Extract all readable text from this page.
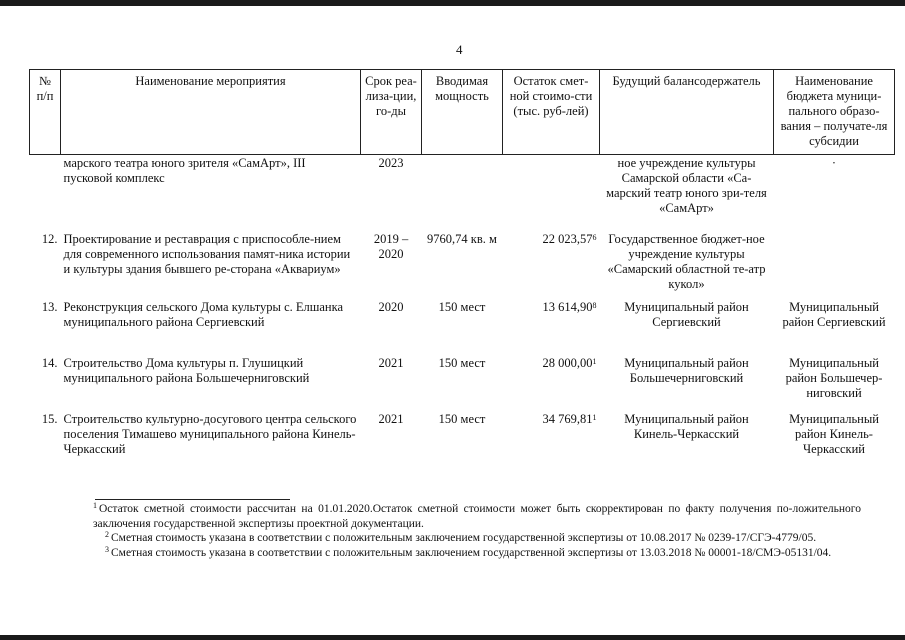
4
№ п/п	Наименование мероприятия	Срок реа-лиза-ции, го-ды	Вводимая мощность	Остаток смет-ной стоимо-сти (тыс. руб-лей)	Будущий балансодержатель	Наименование бюджета муници-пального образо-вания – получате-ля субсидии
	марского театра юного зрителя «СамАрт», III пусковой комплекс	2023			ное учреждение культуры Самарской области «Са-марский театр юного зри-теля «СамАрт»	·
12.	Проектирование и реставрация с приспособле-нием для современного использования памят-ника истории и культуры здания бывшего ре-сторана «Аквариум»	2019 – 2020	9760,74 кв. м	22 023,57$^6$	Государственное бюджет-ное учреждение культуры «Самарский областной те-атр кукол»	
13.	Реконструкция сельского Дома культуры с. Елшанка муниципального района Сергиевский	2020	150 мест	13 614,90$^8$	Муниципальный район Сергиевский	Муниципальный район Сергиевский
14.	Строительство Дома культуры п. Глушицкий муниципального района Большечерниговский	2021	150 мест	28 000,00$^1$	Муниципальный район Большечерниговский	Муниципальный район Большечер-ниговский
15.	Строительство культурно-досугового центра сельского поселения Тимашево муниципального района Кинель-Черкасский	2021	150 мест	34 769,81$^1$	Муниципальный район Кинель-Черкасский	Муниципальный район Кинель-Черкасский
$^1$ Остаток сметной стоимости рассчитан на 01.01.2020.Остаток сметной стоимости может быть скорректирован по факту получения по-ложительного заключения государственной экспертизы проектной документации.
$^2$ Сметная стоимость указана в соответствии с положительным заключением государственной экспертизы от 10.08.2017 № 0239-17/СГЭ-4779/05.
$^3$ Сметная стоимость указана в соответствии с положительным заключением государственной экспертизы от 13.03.2018 № 00001-18/СМЭ-05131/04.
